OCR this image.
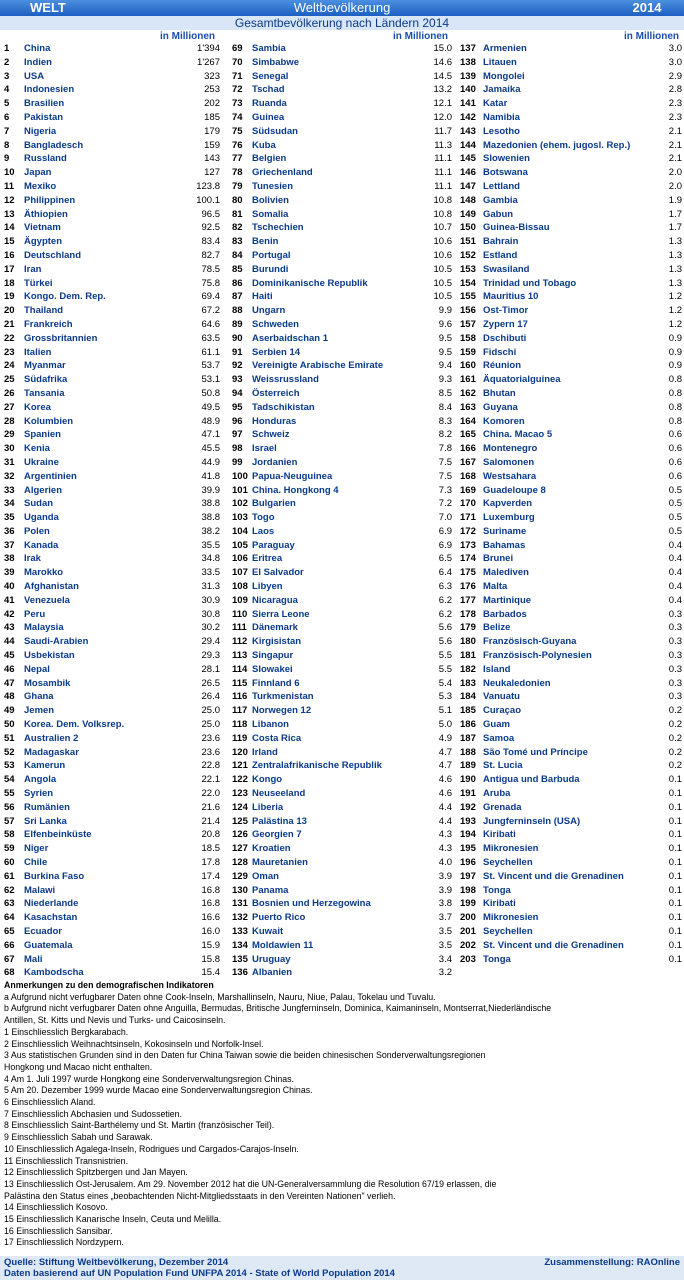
WELT	Weltbevölkerung	2014
Gesamtbevölkerung nach Ländern 2014
in Millionen	in Millionen	in Millionen
1 China	1'394
2 Indien	1'267
3 USA	323
4 Indonesien	253
5 Brasilien	202
6 Pakistan	185
7 Nigeria	179
8 Bangladesch	159
9 Russland	143
10 Japan	127
11 Mexiko	123.8
12 Philippinen	100.1
13 Äthiopien	96.5
14 Vietnam	92.5
15 Ägypten	83.4
16 Deutschland	82.7
17 Iran	78.5
18 Türkei	75.8
19 Kongo. Dem. Rep.	69.4
20 Thailand	67.2
21 Frankreich	64.6
22 Grossbritannien	63.5
23 Italien	61.1
24 Myanmar	53.7
25 Südafrika	53.1
26 Tansania	50.8
27 Korea	49.5
28 Kolumbien	48.9
29 Spanien	47.1
30 Kenia	45.5
31 Ukraine	44.9
32 Argentinien	41.8
33 Algerien	39.9
34 Sudan	38.8
35 Uganda	38.8
36 Polen	38.2
37 Kanada	35.5
38 Irak	34.8
39 Marokko	33.5
40 Afghanistan	31.3
41 Venezuela	30.9
42 Peru	30.8
43 Malaysia	30.2
44 Saudi-Arabien	29.4
45 Usbekistan	29.3
46 Nepal	28.1
47 Mosambik	26.5
48 Ghana	26.4
49 Jemen	25.0
50 Korea. Dem. Volksrep.	25.0
51 Australien 2	23.6
52 Madagaskar	23.6
53 Kamerun	22.8
54 Angola	22.1
55 Syrien	22.0
56 Rumänien	21.6
57 Sri Lanka	21.4
58 Elfenbeinküste	20.8
59 Niger	18.5
60 Chile	17.8
61 Burkina Faso	17.4
62 Malawi	16.8
63 Niederlande	16.8
64 Kasachstan	16.6
65 Ecuador	16.0
66 Guatemala	15.9
67 Mali	15.8
68 Kambodscha	15.4
69 Sambia	15.0
70 Simbabwe	14.6
71 Senegal	14.5
72 Tschad	13.2
73 Ruanda	12.1
74 Guinea	12.0
75 Südsudan	11.7
76 Kuba	11.3
77 Belgien	11.1
78 Griechenland	11.1
79 Tunesien	11.1
80 Bolivien	10.8
81 Somalia	10.8
82 Tschechien	10.7
83 Benin	10.6
84 Portugal	10.6
85 Burundi	10.5
86 Dominikanische Republik	10.5
87 Haiti	10.5
88 Ungarn	9.9
89 Schweden	9.6
90 Aserbaidschan 1	9.5
91 Serbien 14	9.5
92 Vereinigte Arabische Emirate	9.4
93 Weissrussland	9.3
94 Österreich	8.5
95 Tadschikistan	8.4
96 Honduras	8.3
97 Schweiz	8.2
98 Israel	7.8
99 Jordanien	7.5
100 Papua-Neuguinea	7.5
101 China. Hongkong 4	7.3
102 Bulgarien	7.2
103 Togo	7.0
104 Laos	6.9
105 Paraguay	6.9
106 Eritrea	6.5
107 El Salvador	6.4
108 Libyen	6.3
109 Nicaragua	6.2
110 Sierra Leone	6.2
111 Dänemark	5.6
112 Kirgisistan	5.6
113 Singapur	5.5
114 Slowakei	5.5
115 Finnland 6	5.4
116 Turkmenistan	5.3
117 Norwegen 12	5.1
118 Libanon	5.0
119 Costa Rica	4.9
120 Irland	4.7
121 Zentralafrikanische Republik	4.7
122 Kongo	4.6
123 Neuseeland	4.6
124 Liberia	4.4
125 Palästina 13	4.4
126 Georgien 7	4.3
127 Kroatien	4.3
128 Mauretanien	4.0
129 Oman	3.9
130 Panama	3.9
131 Bosnien und Herzegowina	3.8
132 Puerto Rico	3.7
133 Kuwait	3.5
134 Moldawien 11	3.5
135 Uruguay	3.4
136 Albanien	3.2
137 Armenien	3.0
138 Litauen	3.0
139 Mongolei	2.9
140 Jamaika	2.8
141 Katar	2.3
142 Namibia	2.3
143 Lesotho	2.1
144 Mazedonien (ehem. jugosl. Rep.)	2.1
145 Slowenien	2.1
146 Botswana	2.0
147 Lettland	2.0
148 Gambia	1.9
149 Gabun	1.7
150 Guinea-Bissau	1.7
151 Bahrain	1.3
152 Estland	1.3
153 Swasiland	1.3
154 Trinidad und Tobago	1.3
155 Mauritius 10	1.2
156 Ost-Timor	1.2
157 Zypern 17	1.2
158 Dschibuti	0.9
159 Fidschi	0.9
160 Réunion	0.9
161 Äquatorialguinea	0.8
162 Bhutan	0.8
163 Guyana	0.8
164 Komoren	0.8
165 China. Macao 5	0.6
166 Montenegro	0.6
167 Salomonen	0.6
168 Westsahara	0.6
169 Guadeloupe 8	0.5
170 Kapverden	0.5
171 Luxemburg	0.5
172 Suriname	0.5
173 Bahamas	0.4
174 Brunei	0.4
175 Malediven	0.4
176 Malta	0.4
177 Martinique	0.4
178 Barbados	0.3
179 Belize	0.3
180 Französisch-Guyana	0.3
181 Französisch-Polynesien	0.3
182 Island	0.3
183 Neukaledonien	0.3
184 Vanuatu	0.3
185 Curaçao	0.2
186 Guam	0.2
187 Samoa	0.2
188 São Tomé und Príncipe	0.2
189 St. Lucia	0.2
190 Antigua und Barbuda	0.1
191 Aruba	0.1
192 Grenada	0.1
193 Jungferninseln (USA)	0.1
194 Kiribati	0.1
195 Mikronesien	0.1
196 Seychellen	0.1
197 St. Vincent und die Grenadinen	0.1
198 Tonga	0.1
199 Kiribati	0.1
200 Mikronesien	0.1
201 Seychellen	0.1
202 St. Vincent und die Grenadinen	0.1
203 Tonga	0.1
Anmerkungen zu den demografischen Indikatoren
a Aufgrund nicht verfugbarer Daten ohne Cook-Inseln, Marshallinseln, Nauru, Niue, Palau, Tokelau und Tuvalu.
b Aufgrund nicht verfugbarer Daten ohne Anguilla, Bermudas, Britische Jungferninseln, Dominica, Kaimaninseln, Montserrat,Niederländische
Antillen, St. Kitts und Nevis und Turks- und Caicosinseln.
1 Einschliesslich Bergkarabach.
2 Einschliesslich Weihnachtsinseln, Kokosinseln und Norfolk-Insel.
3 Aus statistischen Grunden sind in den Daten fur China Taiwan sowie die beiden chinesischen Sonderverwaltungsregionen
Hongkong und Macao nicht enthalten.
4 Am 1. Juli 1997 wurde Hongkong eine Sonderverwaltungsregion Chinas.
5 Am 20. Dezember 1999 wurde Macao eine Sonderverwaltungsregion Chinas.
6 Einschliesslich Aland.
7 Einschliesslich Abchasien und Sudossetien.
8 Einschliesslich Saint-Barthélemy und St. Martin (französischer Teil).
9 Einschliesslich Sabah und Sarawak.
10 Einschliesslich Agalega-Inseln, Rodrigues und Cargados-Carajos-Inseln.
11 Einschliesslich Transnistrien.
12 Einschliesslich Spitzbergen und Jan Mayen.
13 Einschliesslich Ost-Jerusalem. Am 29. November 2012 hat die UN-Generalversammlung die Resolution 67/19 erlassen, die
Palästina den Status eines „beobachtenden Nicht-Mitgliedsstaats in den Vereinten Nationen" verlieh.
14 Einschliesslich Kosovo.
15 Einschliesslich Kanarische Inseln, Ceuta und Melilla.
16 Einschliesslich Sansibar.
17 Einschliesslich Nordzypern.
Quelle: Stiftung Weltbevölkerung, Dezember 2014
Daten basierend auf UN Population Fund UNFPA 2014 - State of World Population 2014
Zusammenstellung: RAOnline
